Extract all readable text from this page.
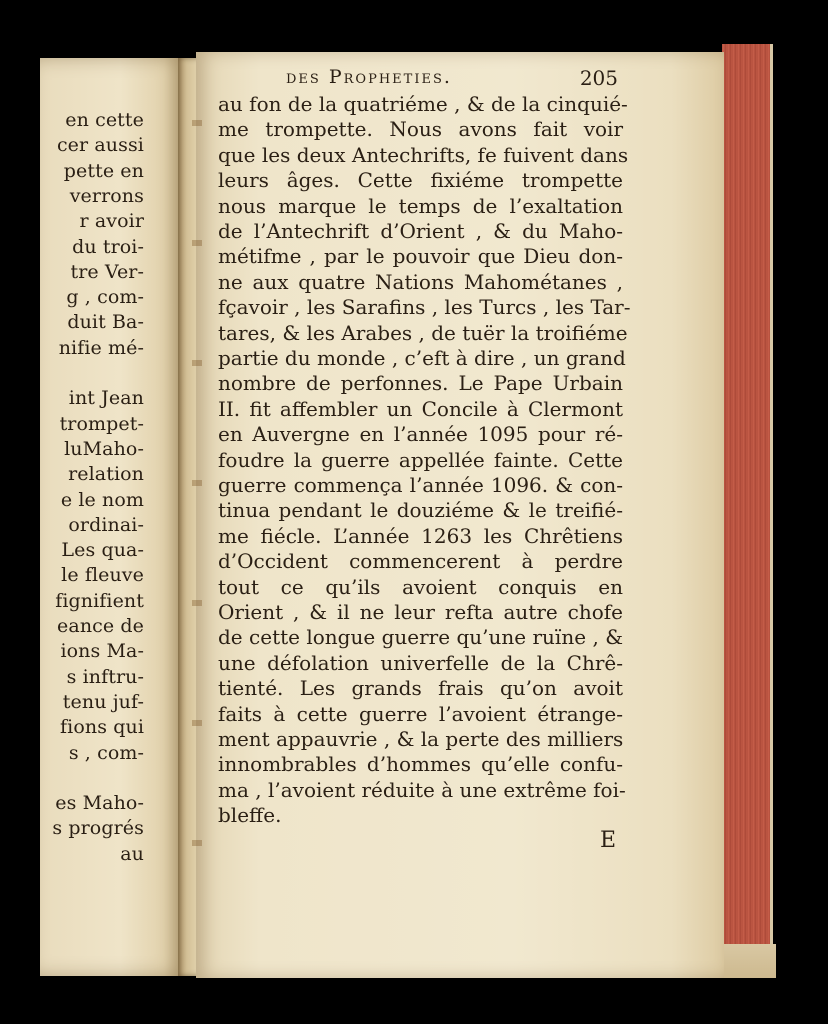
en cette
cer aussi
pette en
verrons
r avoir
du troi-
tre Ver-
g , com-
duit Ba-
nifie mé-
int Jean
trompet-
luMaho-
relation
e le nom
ordinai-
Les qua-
le fleuve
fignifient
eance de
ions Ma-
s inftru-
tenu juf-
fions qui
s , com-
es Maho-
s progrés
au
des Propheties.	205
au fon de la quatriéme , & de la cinquié-
me trompette. Nous avons fait voir
que les deux Antechrifts, fe fuivent dans
leurs âges. Cette fixiéme trompette
nous marque le temps de l’exaltation
de l’Antechrift d’Orient , & du Maho-
métifme , par le pouvoir que Dieu don-
ne aux quatre Nations Mahométanes ,
fçavoir , les Sarafins , les Turcs , les Tar-
tares, & les Arabes , de tuër la troifiéme
partie du monde , c’eft à dire , un grand
nombre de perfonnes. Le Pape Urbain
II. fit affembler un Concile à Clermont
en Auvergne en l’année 1095 pour ré-
foudre la guerre appellée fainte. Cette
guerre commença l’année 1096. & con-
tinua pendant le douziéme & le treifié-
me fiécle. L’année 1263 les Chrêtiens
d’Occident commencerent à perdre
tout ce qu’ils avoient conquis en
Orient , & il ne leur refta autre chofe
de cette longue guerre qu’une ruïne , &
une défolation univerfelle de la Chrê-
tienté. Les grands frais qu’on avoit
faits à cette guerre l’avoient étrange-
ment appauvrie , & la perte des milliers
innombrables d’hommes qu’elle confu-
ma , l’avoient réduite à une extrême foi-
bleffe.
E
